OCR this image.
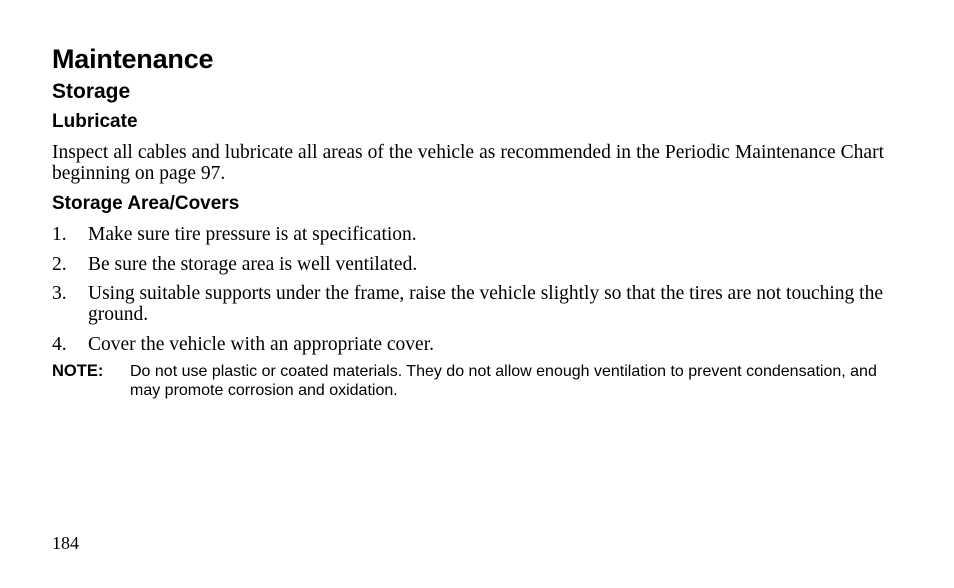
Maintenance
Storage
Lubricate
Inspect all cables and lubricate all areas of the vehicle as recommended in the Periodic Maintenance Chart beginning on page 97.
Storage Area/Covers
1.	Make sure tire pressure is at specification.
2.	Be sure the storage area is well ventilated.
3.	Using suitable supports under the frame, raise the vehicle slightly so that the tires are not touching the ground.
4.	Cover the vehicle with an appropriate cover.
NOTE: Do not use plastic or coated materials. They do not allow enough ventilation to prevent condensation, and may promote corrosion and oxidation.
184
